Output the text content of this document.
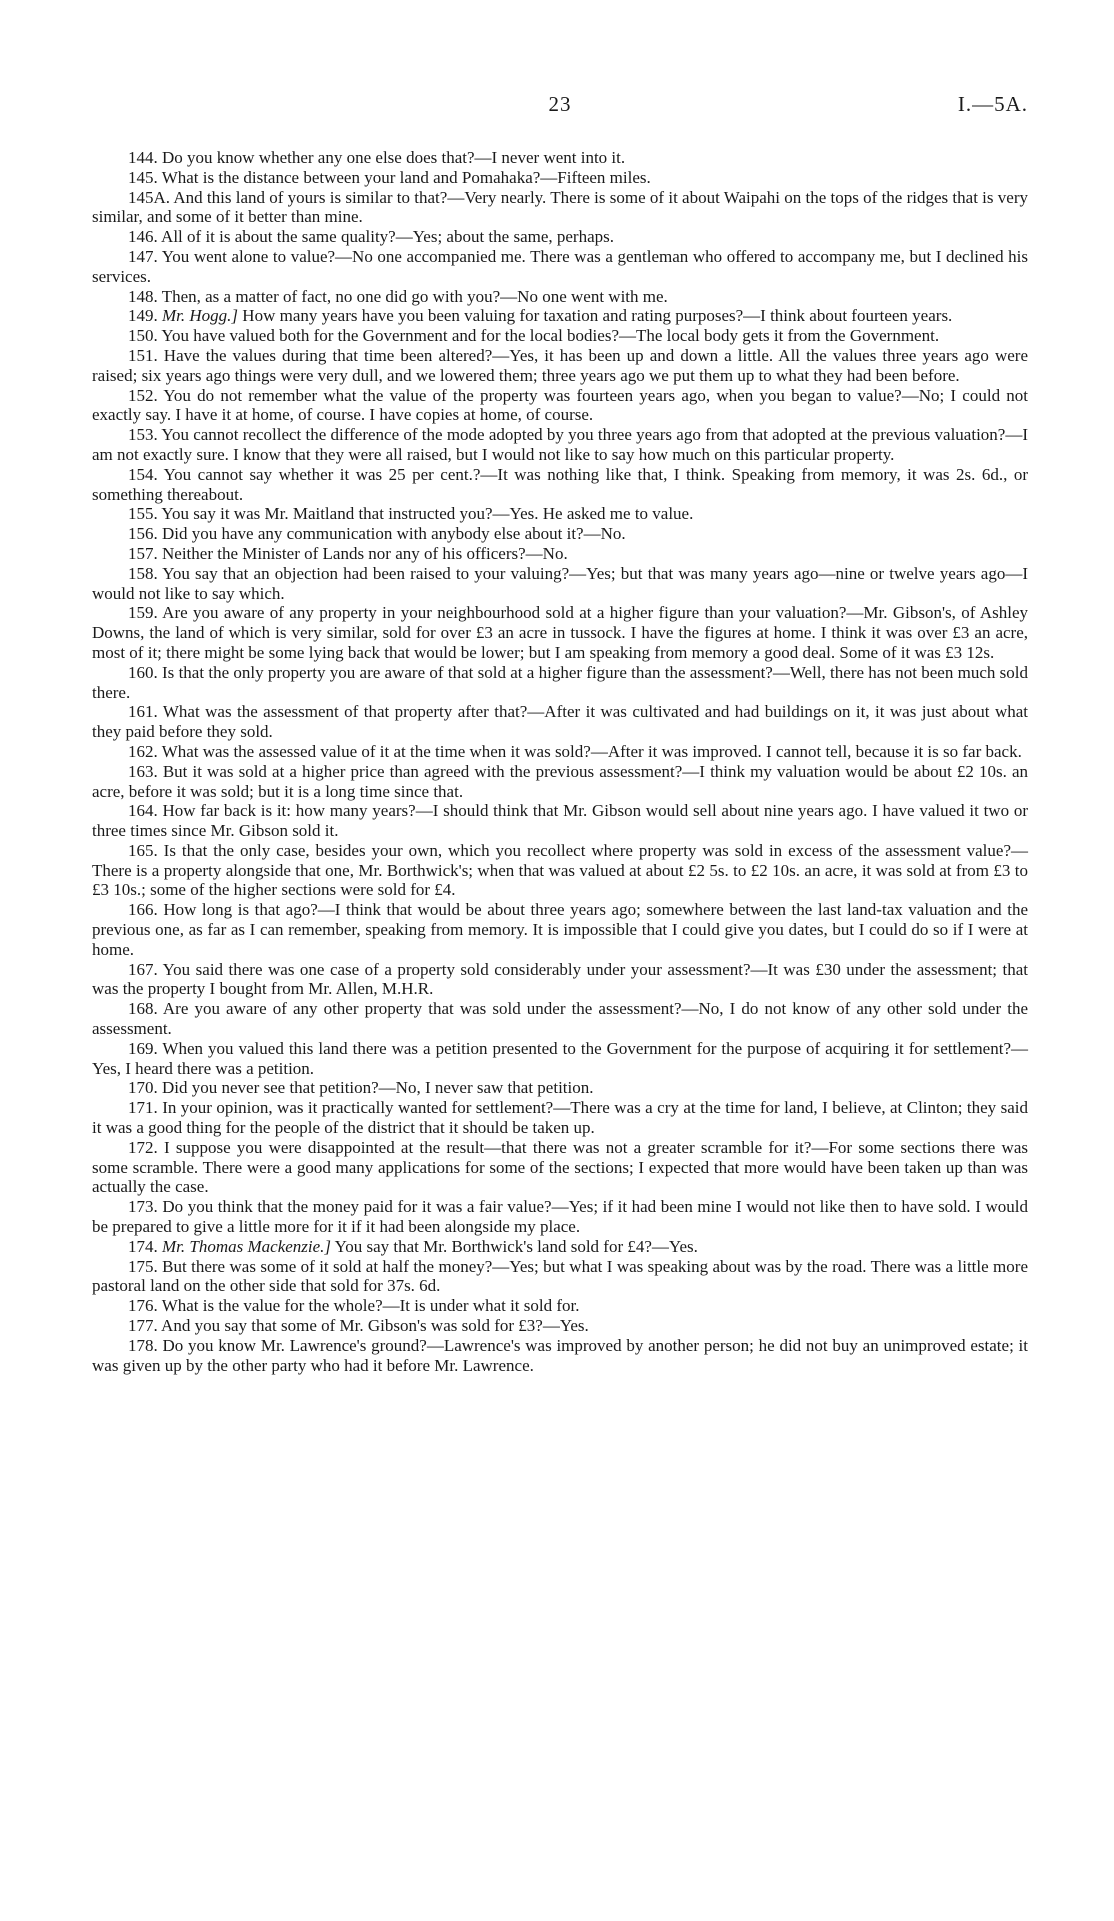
23	I.—5A.

144. Do you know whether any one else does that?—I never went into it.

145. What is the distance between your land and Pomahaka?—Fifteen miles.

145A. And this land of yours is similar to that?—Very nearly. There is some of it about Waipahi on the tops of the ridges that is very similar, and some of it better than mine.

146. All of it is about the same quality?—Yes; about the same, perhaps.

147. You went alone to value?—No one accompanied me. There was a gentleman who offered to accompany me, but I declined his services.

148. Then, as a matter of fact, no one did go with you?—No one went with me.

149. Mr. Hogg.] How many years have you been valuing for taxation and rating purposes?—I think about fourteen years.

150. You have valued both for the Government and for the local bodies?—The local body gets it from the Government.

151. Have the values during that time been altered?—Yes, it has been up and down a little. All the values three years ago were raised; six years ago things were very dull, and we lowered them; three years ago we put them up to what they had been before.

152. You do not remember what the value of the property was fourteen years ago, when you began to value?—No; I could not exactly say. I have it at home, of course. I have copies at home, of course.

153. You cannot recollect the difference of the mode adopted by you three years ago from that adopted at the previous valuation?—I am not exactly sure. I know that they were all raised, but I would not like to say how much on this particular property.

154. You cannot say whether it was 25 per cent.?—It was nothing like that, I think. Speaking from memory, it was 2s. 6d., or something thereabout.

155. You say it was Mr. Maitland that instructed you?—Yes. He asked me to value.

156. Did you have any communication with anybody else about it?—No.

157. Neither the Minister of Lands nor any of his officers?—No.

158. You say that an objection had been raised to your valuing?—Yes; but that was many years ago—nine or twelve years ago—I would not like to say which.

159. Are you aware of any property in your neighbourhood sold at a higher figure than your valuation?—Mr. Gibson's, of Ashley Downs, the land of which is very similar, sold for over £3 an acre in tussock. I have the figures at home. I think it was over £3 an acre, most of it; there might be some lying back that would be lower; but I am speaking from memory a good deal. Some of it was £3 12s.

160. Is that the only property you are aware of that sold at a higher figure than the assessment?—Well, there has not been much sold there.

161. What was the assessment of that property after that?—After it was cultivated and had buildings on it, it was just about what they paid before they sold.

162. What was the assessed value of it at the time when it was sold?—After it was improved. I cannot tell, because it is so far back.

163. But it was sold at a higher price than agreed with the previous assessment?—I think my valuation would be about £2 10s. an acre, before it was sold; but it is a long time since that.

164. How far back is it: how many years?—I should think that Mr. Gibson would sell about nine years ago. I have valued it two or three times since Mr. Gibson sold it.

165. Is that the only case, besides your own, which you recollect where property was sold in excess of the assessment value?—There is a property alongside that one, Mr. Borthwick's; when that was valued at about £2 5s. to £2 10s. an acre, it was sold at from £3 to £3 10s.; some of the higher sections were sold for £4.

166. How long is that ago?—I think that would be about three years ago; somewhere between the last land-tax valuation and the previous one, as far as I can remember, speaking from memory. It is impossible that I could give you dates, but I could do so if I were at home.

167. You said there was one case of a property sold considerably under your assessment?—It was £30 under the assessment; that was the property I bought from Mr. Allen, M.H.R.

168. Are you aware of any other property that was sold under the assessment?—No, I do not know of any other sold under the assessment.

169. When you valued this land there was a petition presented to the Government for the purpose of acquiring it for settlement?—Yes, I heard there was a petition.

170. Did you never see that petition?—No, I never saw that petition.

171. In your opinion, was it practically wanted for settlement?—There was a cry at the time for land, I believe, at Clinton; they said it was a good thing for the people of the district that it should be taken up.

172. I suppose you were disappointed at the result—that there was not a greater scramble for it?—For some sections there was some scramble. There were a good many applications for some of the sections; I expected that more would have been taken up than was actually the case.

173. Do you think that the money paid for it was a fair value?—Yes; if it had been mine I would not like then to have sold. I would be prepared to give a little more for it if it had been alongside my place.

174. Mr. Thomas Mackenzie.] You say that Mr. Borthwick's land sold for £4?—Yes.

175. But there was some of it sold at half the money?—Yes; but what I was speaking about was by the road. There was a little more pastoral land on the other side that sold for 37s. 6d.

176. What is the value for the whole?—It is under what it sold for.

177. And you say that some of Mr. Gibson's was sold for £3?—Yes.

178. Do you know Mr. Lawrence's ground?—Lawrence's was improved by another person; he did not buy an unimproved estate; it was given up by the other party who had it before Mr. Lawrence.
